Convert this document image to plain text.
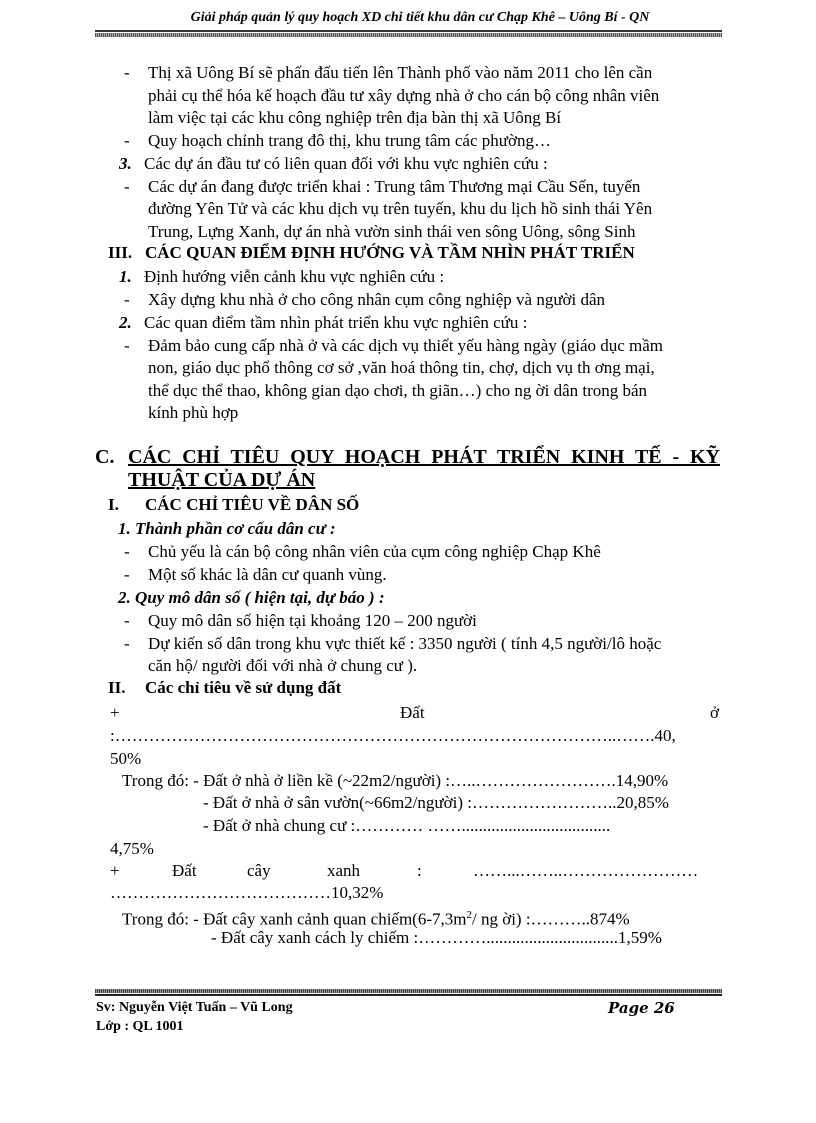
Giải pháp quản lý quy hoạch XD chi tiết khu dân cư Chạp Khê – Uông Bí - QN
- Thị xã Uông Bí sẽ phấn đấu tiến lên Thành phố vào năm 2011 cho lên cần
phải cụ thể hóa kế hoạch đầu tư xây dựng nhà ở cho cán bộ công nhân viên
làm việc tại các khu công nghiệp trên địa bàn thị xã Uông Bí
- Quy hoạch chỉnh trang đô thị, khu trung tâm các phường…
3. Các dự án đầu tư có liên quan đối với khu vực nghiên cứu :
- Các dự án đang được triển khai : Trung tâm Thương mại Cầu Sến, tuyến
đường Yên Tử và các khu dịch vụ trên tuyến, khu du lịch hồ sinh thái Yên
Trung, Lựng Xanh, dự án nhà vườn sinh thái ven sông Uông, sông Sinh
III. CÁC QUAN ĐIỂM ĐỊNH HƯỚNG VÀ TẦM NHÌN PHÁT TRIỂN
1. Định hướng viễn cảnh khu vực nghiên cứu :
- Xây dựng khu nhà ở cho công nhân cụm công nghiệp và người dân
2. Các quan điểm tầm nhìn phát triển khu vực nghiên cứu :
- Đảm bảo cung cấp nhà ở và các dịch vụ thiết yếu hàng ngày (giáo dục mầm
non, giáo dục phổ thông cơ sở ,văn hoá thông tin, chợ, dịch vụ th ơng mại,
thể dục thể thao, không gian dạo chơi, th giãn…) cho ng ời dân trong bán
kính phù hợp
C. CÁC CHỈ TIÊU QUY HOẠCH PHÁT TRIỂN KINH TẾ - KỸ
THUẬT CỦA DỰ ÁN
I. CÁC CHỈ TIÊU VỀ DÂN SỐ
1. Thành phần cơ cấu dân cư :
- Chủ yếu là cán bộ công nhân viên của cụm công nghiệp Chạp Khê
- Một số khác là dân cư quanh vùng.
2. Quy mô dân số ( hiện tại, dự báo ) :
- Quy mô dân số hiện tại khoảng 120 – 200 người
- Dự kiến số dân trong khu vực thiết kế : 3350 người ( tính 4,5 người/lô hoặc
căn hộ/ người đối với nhà ở chung cư ).
II. Các chỉ tiêu về sử dụng đất
+	Đất	ở
:……………………………………………………………………………..…….40,
50%
Trong đó: - Đất ở nhà ở liền kề (~22m2/người) :…..…………………….14,90%
- Đất ở nhà ở sân vườn(~66m2/người) :……………………..20,85%
- Đất ở nhà chung cư :………… ……...................................
4,75%
+	Đất	cây	xanh	:	……...……..……………………
…………………………………10,32%
Trong đó: - Đất cây xanh cảnh quan $chiếm(6-7,3m^2/$ ng ời) :………..874%
- Đất cây xanh cách ly chiếm :…………...............................1,59%
Sv: Nguyễn Việt Tuấn – Vũ Long
Lớp : QL 1001
Page 26
